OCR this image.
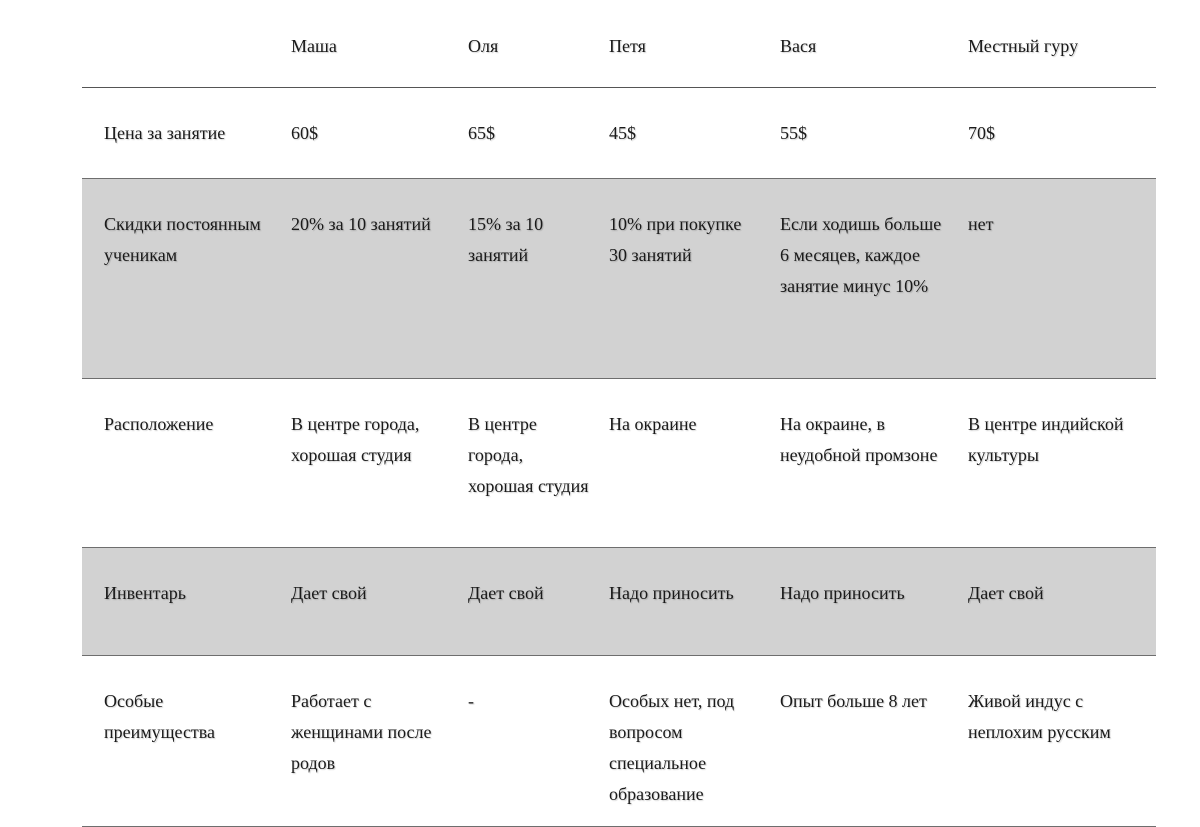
	Маша	Оля	Петя	Вася	Местный гуру
Цена за занятие	60$	65$	45$	55$	70$
Скидки постоянным ученикам	20% за 10 занятий	15% за 10 занятий	10% при покупке 30 занятий	Если ходишь больше 6 месяцев, каждое занятие минус 10%	нет
Расположение	В центре города, хорошая студия	В центре города, хорошая студия	На окраине	На окраине, в неудобной промзоне	В центре индийской культуры
Инвентарь	Дает свой	Дает свой	Надо приносить	Надо приносить	Дает свой
Особые преимущества	Работает с женщинами после родов	-	Особых нет, под вопросом специальное образование	Опыт больше 8 лет	Живой индус с неплохим русским
